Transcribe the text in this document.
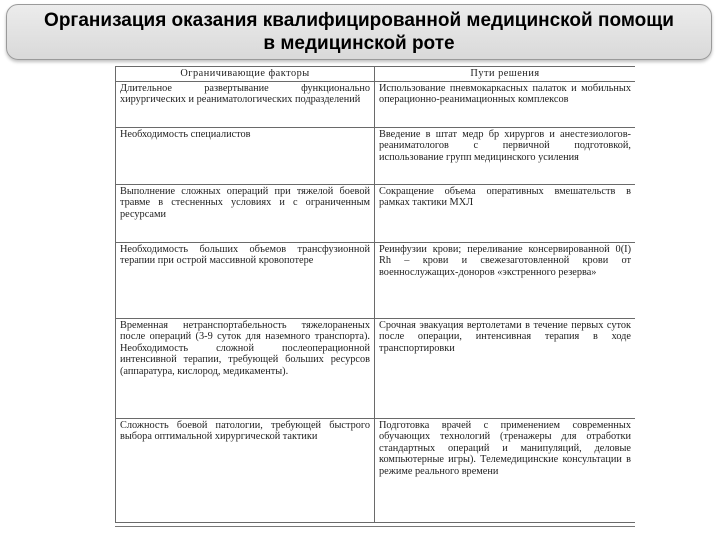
Организация оказания квалифицированной медицинской помощи
в медицинской роте
Ограничивающие факторы	Пути решения
Длительное развертывание функционально хирургических и реаниматологических подразделений	Использование пневмокаркасных палаток и мобильных операционно-реанимационных комплексов
Необходимость специалистов	Введение в штат медр бр хирургов и анестезиологов-реаниматологов с первичной подготовкой, использование групп медицинского усиления
Выполнение сложных операций при тяжелой боевой травме в стесненных условиях и с ограниченным ресурсами	Сокращение объема оперативных вмешательств в рамках тактики МХЛ
Необходимость больших объемов трансфузионной терапии при острой массивной кровопотере	Реинфузии крови; переливание консервированной 0(I) Rh – крови и свежезаготовленной крови от военнослужащих-доноров «экстренного резерва»
Временная нетранспортабельность тяжелораненых после операций (3-9 суток для наземного транспорта). Необходимость сложной послеоперационной интенсивной терапии, требующей больших ресурсов (аппаратура, кислород, медикаменты).	Срочная эвакуация вертолетами в течение первых суток после операции, интенсивная терапия в ходе транспортировки
Сложность боевой патологии, требующей быстрого выбора оптимальной хирургической тактики	Подготовка врачей с применением современных обучающих технологий (тренажеры для отработки стандартных операций и манипуляций, деловые компьютерные игры). Телемедицинские консультации в режиме реального времени
